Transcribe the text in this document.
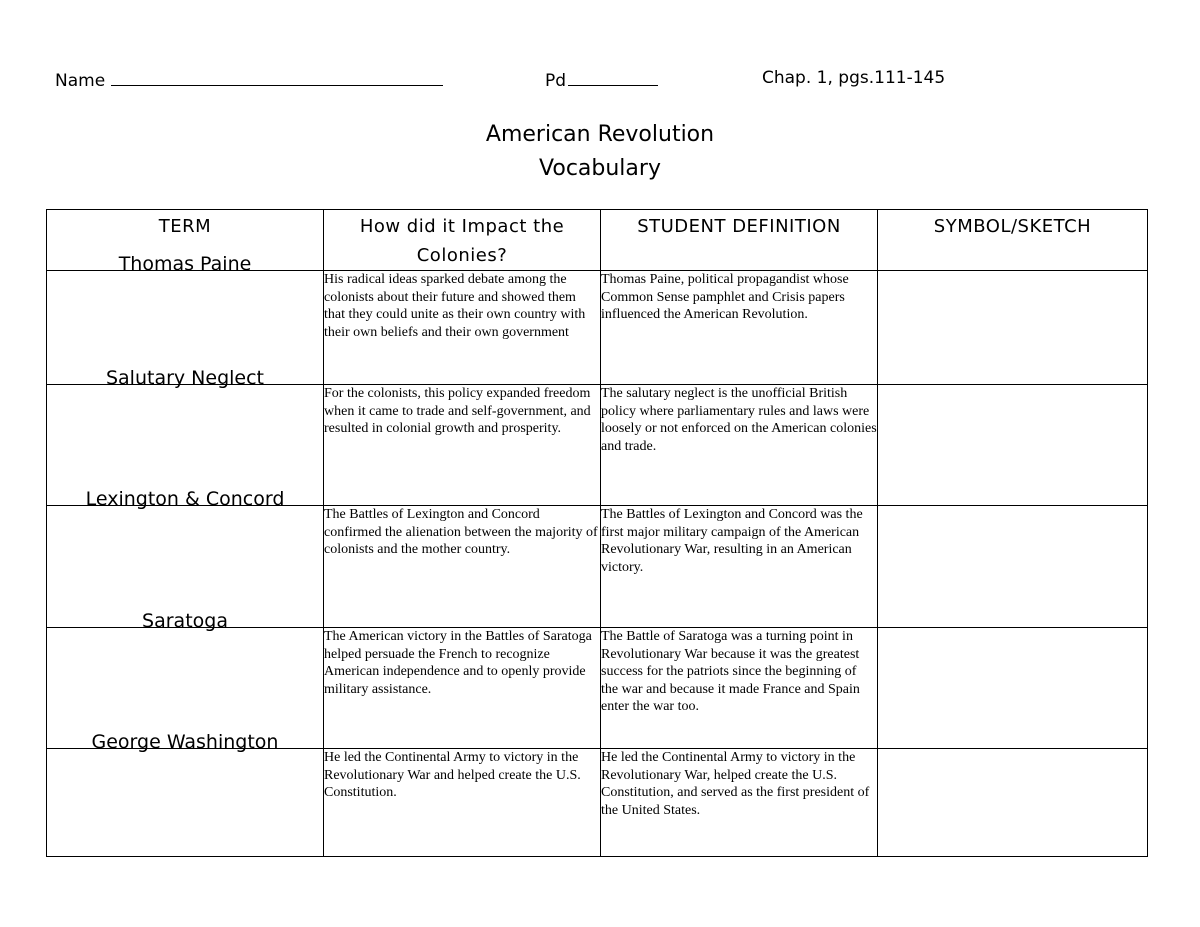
Name	Pd	Chap. 1, pgs.111-145
American Revolution
Vocabulary
TERM	How did it Impact the Colonies?	STUDENT DEFINITION	SYMBOL/SKETCH
Thomas Paine	His radical ideas sparked debate among the colonists about their future and showed them that they could unite as their own country with their own beliefs and their own government	Thomas Paine, political propagandist whose Common Sense pamphlet and Crisis papers influenced the American Revolution.	
Salutary Neglect	For the colonists, this policy expanded freedom when it came to trade and self-government, and resulted in colonial growth and prosperity.	The salutary neglect is the unofficial British policy where parliamentary rules and laws were loosely or not enforced on the American colonies and trade.	
Lexington & Concord	The Battles of Lexington and Concord confirmed the alienation between the majority of colonists and the mother country.	The Battles of Lexington and Concord was the first major military campaign of the American Revolutionary War, resulting in an American victory.	
Saratoga	The American victory in the Battles of Saratoga helped persuade the French to recognize American independence and to openly provide military assistance.	The Battle of Saratoga was a turning point in Revolutionary War because it was the greatest success for the patriots since the beginning of the war and because it made France and Spain enter the war too.	
George Washington	He led the Continental Army to victory in the Revolutionary War and helped create the U.S. Constitution.	He led the Continental Army to victory in the Revolutionary War, helped create the U.S. Constitution, and served as the first president of the United States.	
